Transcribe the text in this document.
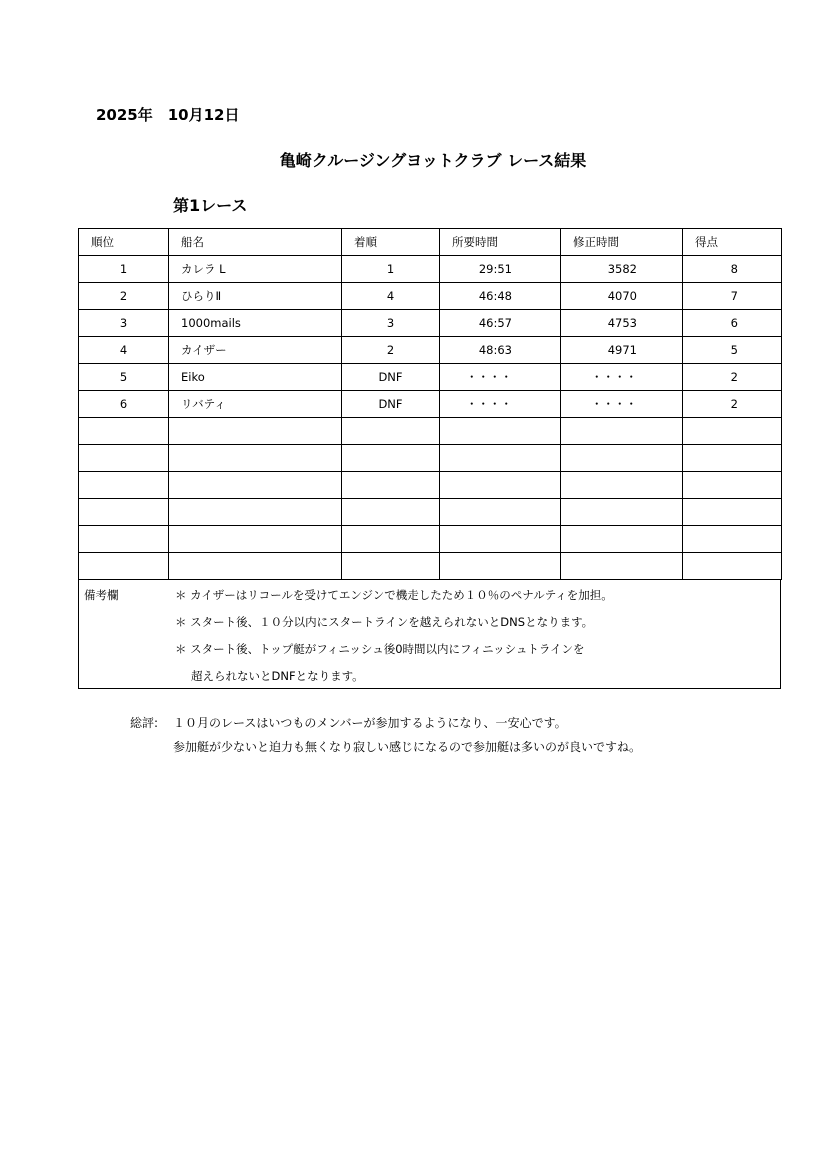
2025年　10月12日
亀崎クルージングヨットクラブ レース結果
第1レース
順位	船名	着順	所要時間	修正時間	得点
1	カレラ L	1	29:51	3582	8
2	ひらりⅡ	4	46:48	4070	7
3	1000mails	3	46:57	4753	6
4	カイザー	2	48:63	4971	5
5	Eiko	DNF	・・・・	・・・・	2
6	リバティ	DNF	・・・・	・・・・	2

備考欄	＊ カイザーはリコールを受けてエンジンで機走したため１０％のペナルティを加担。
＊ スタート後、１０分以内にスタートラインを越えられないとDNSとなります。
＊ スタート後、トップ艇がフィニッシュ後0時間以内にフィニッシュトラインを
超えられないとDNFとなります。
総評: １０月のレースはいつものメンバーが参加するようになり、一安心です。
参加艇が少ないと迫力も無くなり寂しい感じになるので参加艇は多いのが良いですね。
